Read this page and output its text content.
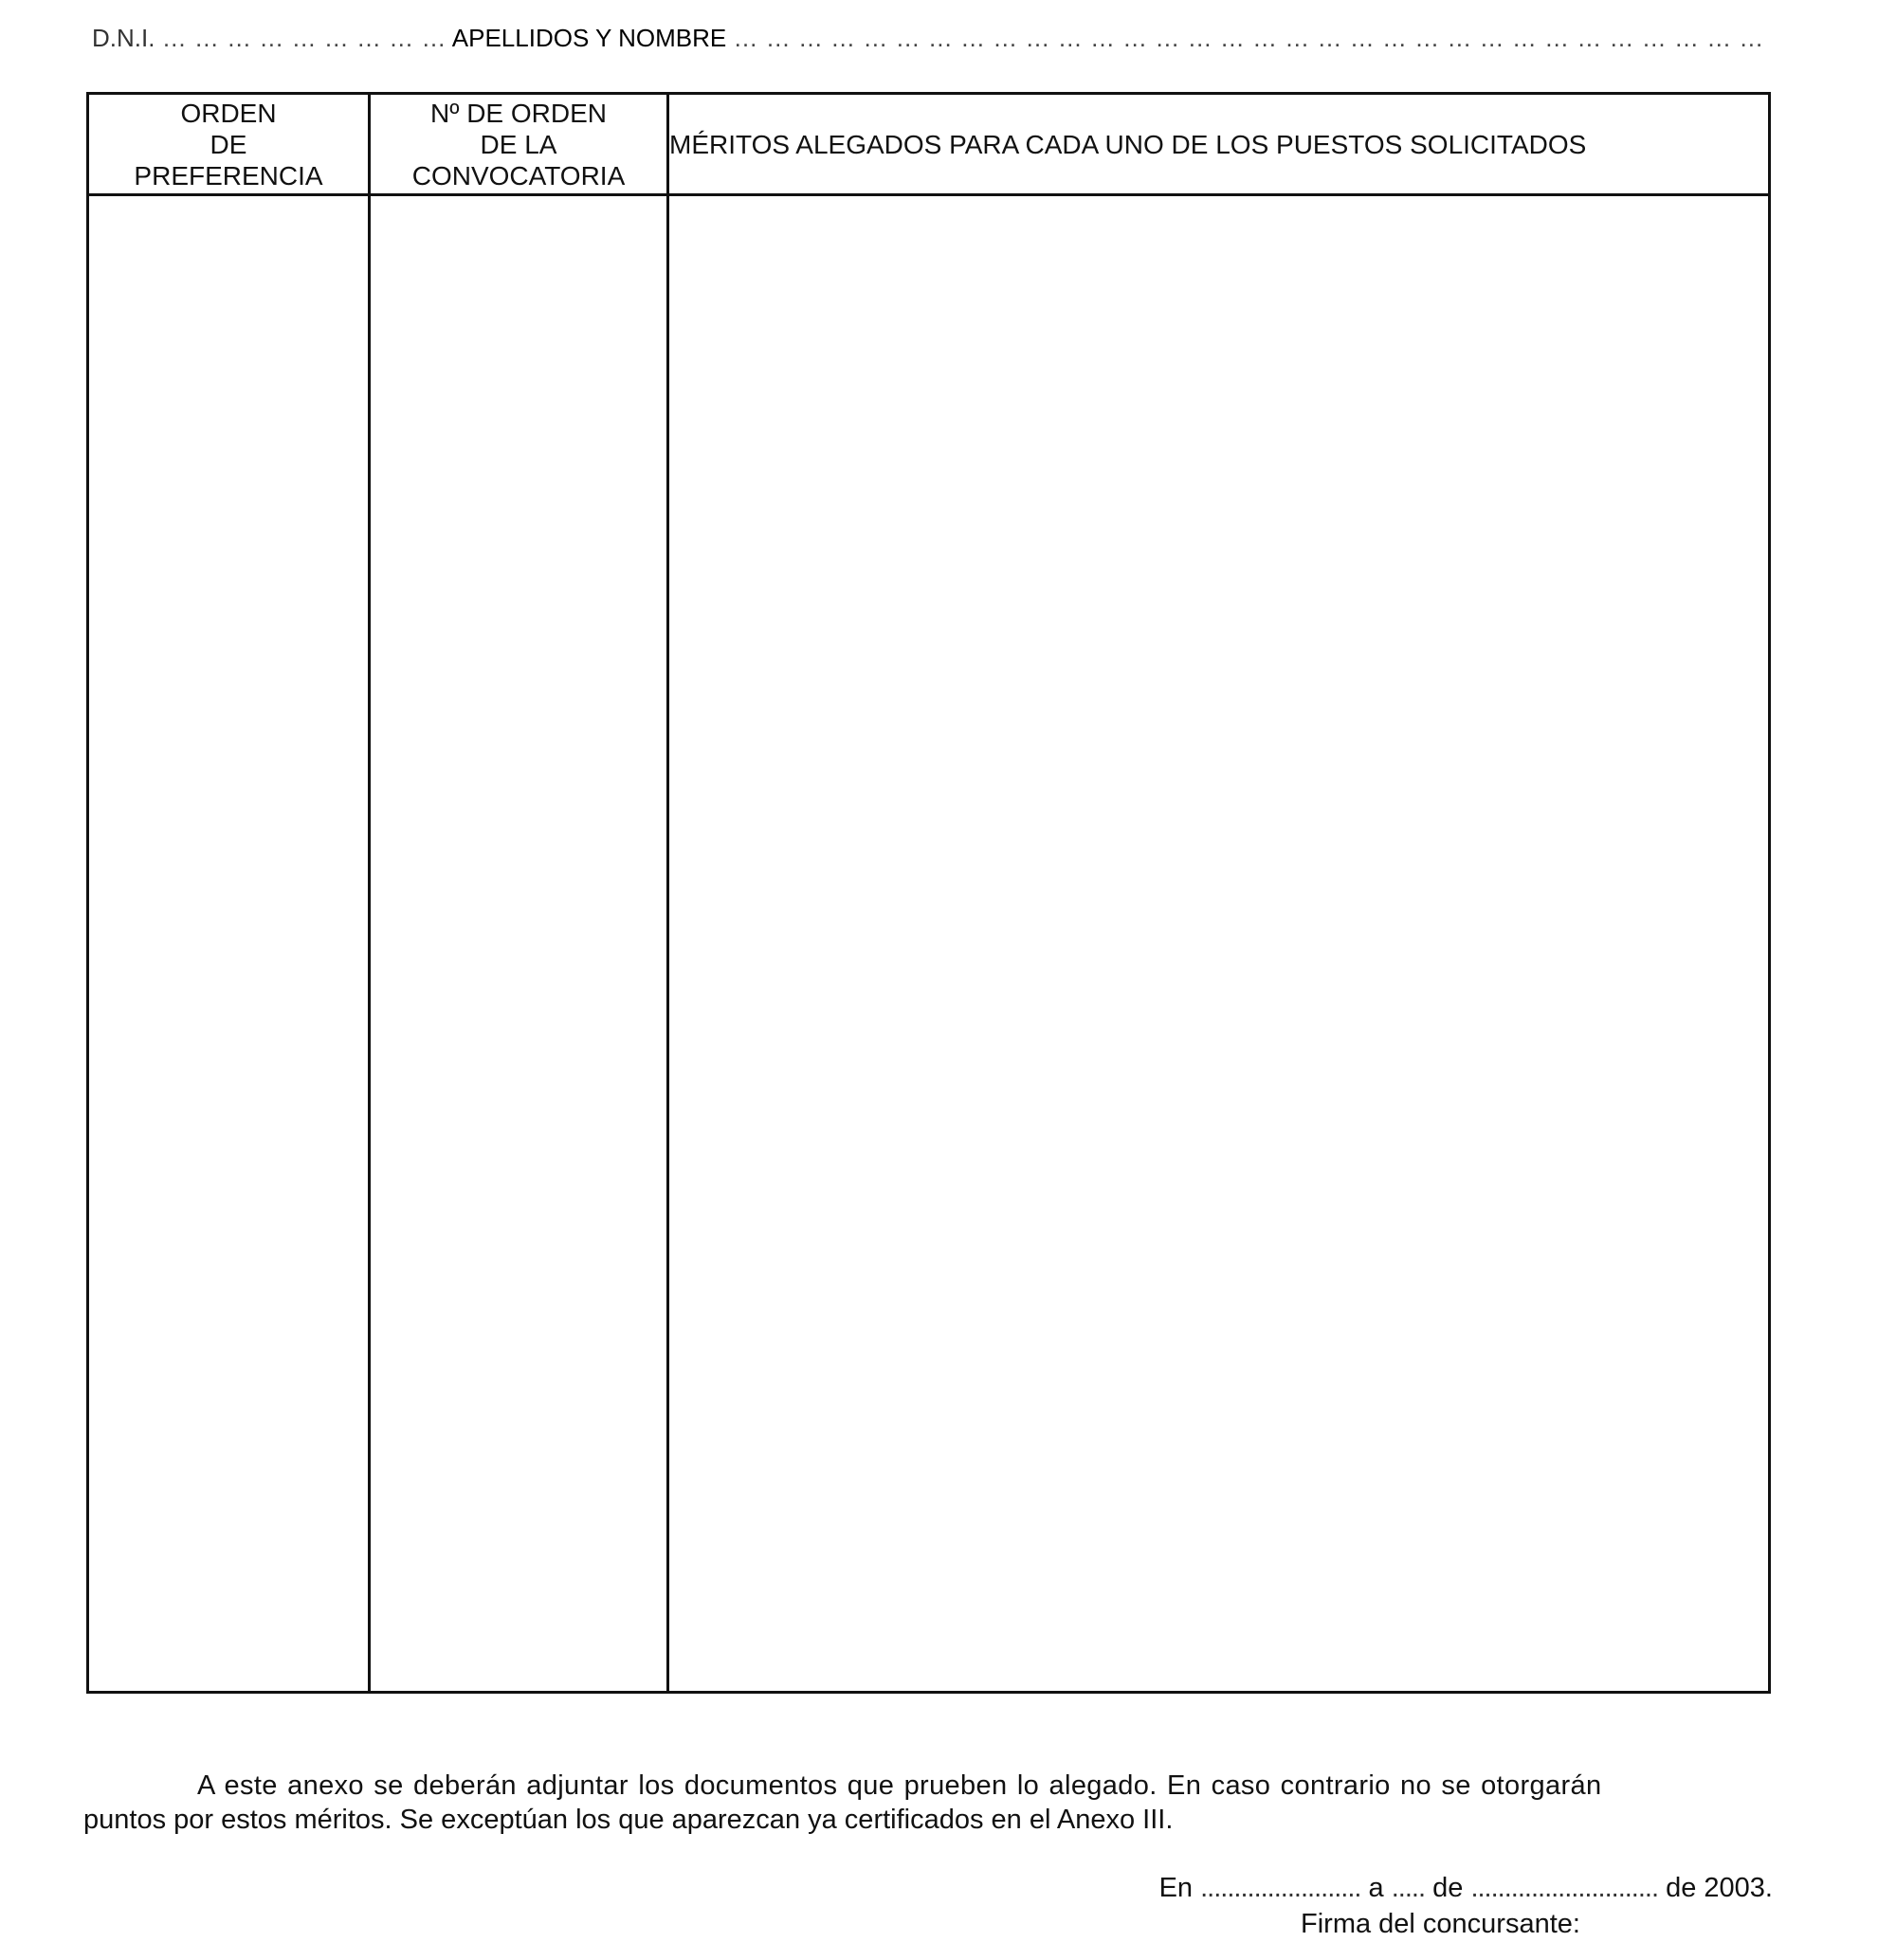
D.N.I. … … … … … … … … … APELLIDOS Y NOMBRE … … … … … … … … … … … … … … … … … … … … … … … … … … … … … … … …
ORDEN
DE
PREFERENCIA
Nº DE ORDEN
DE LA
CONVOCATORIA
MÉRITOS ALEGADOS PARA CADA UNO DE LOS PUESTOS SOLICITADOS
A este anexo se deberán adjuntar los documentos que prueben lo alegado. En caso contrario no se otorgarán
puntos por estos méritos. Se exceptúan los que aparezcan ya certificados en el Anexo III.
En ........................ a ..... de ............................ de 2003.
Firma del concursante:
